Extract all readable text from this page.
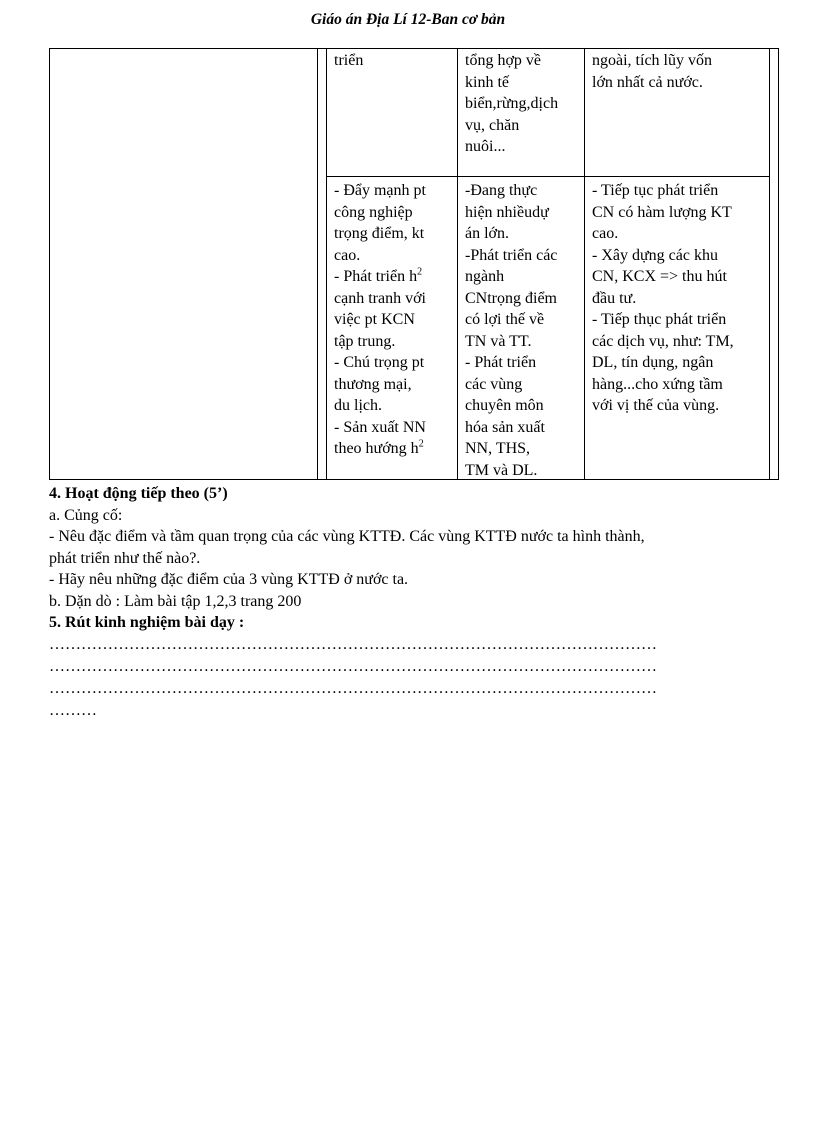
Giáo án Địa Lí 12-Ban cơ bản
triển	tổng hợp về
kinh tế
biển,rừng,dịch
vụ, chăn
nuôi...
ngoài, tích lũy vốn
lớn nhất cả nước.
- Đẩy mạnh pt
công nghiệp
trọng điểm, kt
cao.
- Phát triển $h^2$
cạnh tranh với
việc pt KCN
tập trung.
- Chú trọng pt
thương mại,
du lịch.
- Sản xuất NN
theo hướng $h^2$
-Đang thực
hiện nhiềudự
án lớn.
-Phát triển các
ngành
CNtrọng điểm
có lợi thế về
TN và TT.
- Phát triển
các vùng
chuyên môn
hóa sản xuất
NN, THS,
TM và DL.
- Tiếp tục phát triển
CN có hàm lượng KT
cao.
- Xây dựng các khu
CN, KCX => thu hút
đầu tư.
- Tiếp thục phát triển
các dịch vụ, như: TM,
DL, tín dụng, ngân
hàng...cho xứng tầm
với vị thế của vùng.
4. Hoạt động tiếp theo (5’)
a. Củng cố:
- Nêu đặc điểm và tầm quan trọng của các vùng KTTĐ. Các vùng KTTĐ nước ta hình thành,
phát triển như thế nào?.
- Hãy nêu những đặc điểm của 3 vùng KTTĐ ở nước ta.
b. Dặn dò : Làm bài tập 1,2,3 trang 200
5. Rút kinh nghiệm bài dạy :
……………………………………………………………………………………………………
……………………………………………………………………………………………………
……………………………………………………………………………………………………
………
